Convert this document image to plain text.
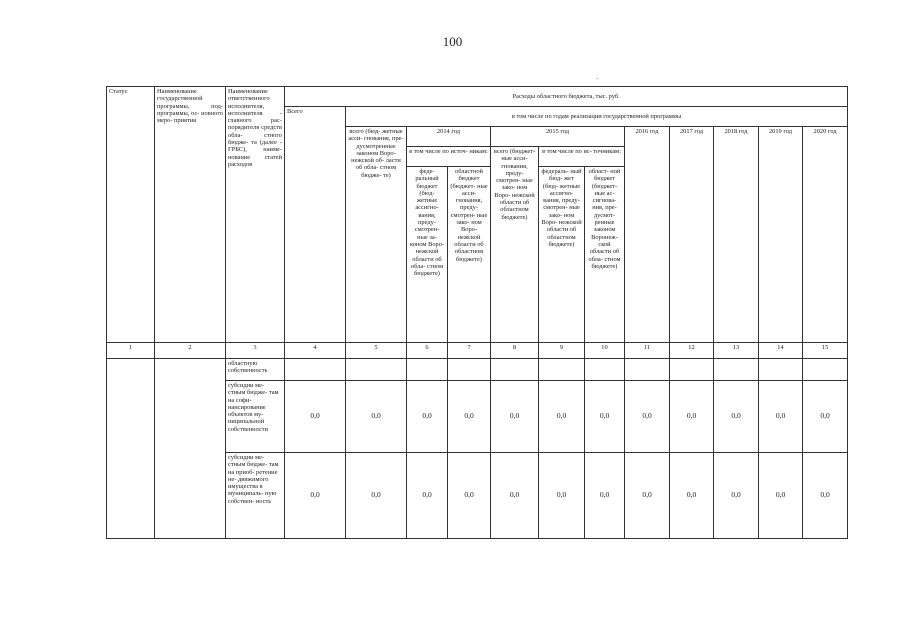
100
.
Статус	Наименование государственной программы, под- программы, ос- новного меро- приятия	Наименование ответственного исполнителя, исполнителя - главного рас- порядителя средств обла- стного бюдже- та (далее - ГРБС), наиме- нование статей расходов	Расходы областного бюджета, тыс. руб.											
			Всего	в том числе по годам реализации государственной программы										
				всего (бюд- жетные асси- гнования, пре- дусмотренные законом Воро- нежской об- ласти об обла- стном бюдже- те)	2014 год		2015 год			2016 год	2017 год	2018 год	2019 год	2020 год
					в том числе по источ- никам:		всего (бюджет- ные асси- гнования, преду- смотрен- ные зако- ном Воро- нежской области об областном бюджете)	в том числе по ис- точникам:						
					феде- ральный бюджет (бюд- жетные ассигно- вания, преду- смотрен- ные за- коном Воро- нежской области об обла- стном бюджете)	областной бюджет (бюджет- ные асси- гнования, преду- смотрен- ные зако- ном Воро- нежской области об областном бюджете)		федераль- ный бюд- жет (бюд- жетные ассигно- вания, преду- смотрен- ные зако- ном Воро- нежской области об областном бюджете)	област- ной бюджет (бюджет- ные ас- сигнова- ния, пре- дусмот- ренные законом Воронеж- ской области об обла- стном бюджете)					
1	2	3	4	5	6	7	8	9	10	11	12	13	14	15
		областную собственность												
		субсидии ме- стным бюдже- там на софи- нансирование объектов му- ниципальной собственности	0,0	0,0	0,0	0,0	0,0	0,0	0,0	0,0	0,0	0,0	0,0	0,0
		субсидии ме- стным бюдже- там на приоб- ретение не- движимого имущества в муниципаль- ную собствен- ность	0,0	0,0	0,0	0,0	0,0	0,0	0,0	0,0	0,0	0,0	0,0	0,0
